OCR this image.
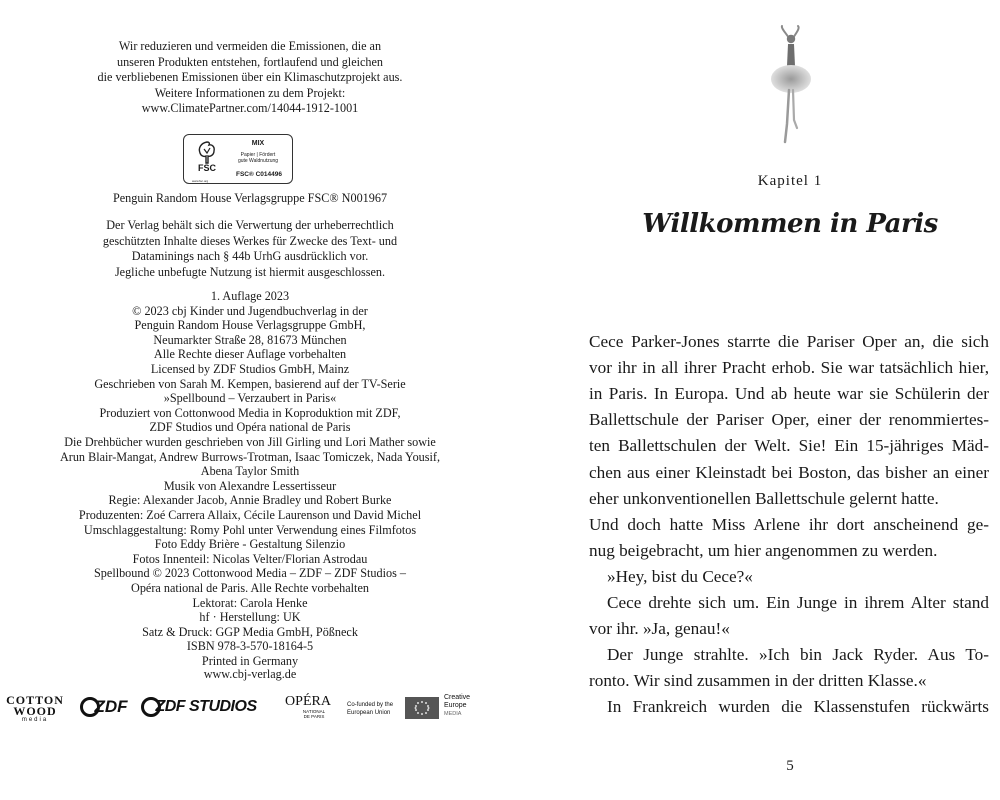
Wir reduzieren und vermeiden die Emissionen, die an
unseren Produkten entstehen, fortlaufend und gleichen
die verbliebenen Emissionen über ein Klimaschutzprojekt aus.
Weitere Informationen zu dem Projekt:
www.ClimatePartner.com/14044-1912-1001
FSC
www.fsc.org
MIX
Papier | Fördert
gute Waldnutzung
FSC® C014496
Penguin Random House Verlagsgruppe FSC® N001967
Der Verlag behält sich die Verwertung der urheberrechtlich
geschützten Inhalte dieses Werkes für Zwecke des Text- und
Dataminings nach § 44b UrhG ausdrücklich vor.
Jegliche unbefugte Nutzung ist hiermit ausgeschlossen.
1. Auflage 2023
© 2023 cbj Kinder und Jugendbuchverlag in der
Penguin Random House Verlagsgruppe GmbH,
Neumarkter Straße 28, 81673 München
Alle Rechte dieser Auflage vorbehalten
Licensed by ZDF Studios GmbH, Mainz
Geschrieben von Sarah M. Kempen, basierend auf der TV-Serie
»Spellbound – Verzaubert in Paris«
Produziert von Cottonwood Media in Koproduktion mit ZDF,
ZDF Studios und Opéra national de Paris
Die Drehbücher wurden geschrieben von Jill Girling und Lori Mather sowie
Arun Blair-Mangat, Andrew Burrows-Trotman, Isaac Tomiczek, Nada Yousif,
Abena Taylor Smith
Musik von Alexandre Lessertisseur
Regie: Alexander Jacob, Annie Bradley und Robert Burke
Produzenten: Zoé Carrera Allaix, Cécile Laurenson und David Michel
Umschlaggestaltung: Romy Pohl unter Verwendung eines Filmfotos
Foto Eddy Brière - Gestaltung Silenzio
Fotos Innenteil: Nicolas Velter/Florian Astrodau
Spellbound © 2023 Cottonwood Media – ZDF – ZDF Studios –
Opéra national de Paris. Alle Rechte vorbehalten
Lektorat: Carola Henke
hf · Herstellung: UK
Satz & Druck: GGP Media GmbH, Pößneck
ISBN 978-3-570-18164-5
Printed in Germany
www.cbj-verlag.de
COTTON
WOOD
media
ZDF	ZDF STUDIOS	OPÉRA
NATIONAL
DE PARIS
Co-funded by the
European Union
Creative
Europe
MEDIA
Kapitel 1
Willkommen in Paris
Cece Parker-Jones starrte die Pariser Oper an, die sich
vor ihr in all ihrer Pracht erhob. Sie war tatsächlich hier,
in Paris. In Europa. Und ab heute war sie Schülerin der
Ballettschule der Pariser Oper, einer der renommiertes-
ten Ballettschulen der Welt. Sie! Ein 15-jähriges Mäd-
chen aus einer Kleinstadt bei Boston, das bisher an einer
eher unkonventionellen Ballettschule gelernt hatte.
Und doch hatte Miss Arlene ihr dort anscheinend ge-
nug beigebracht, um hier angenommen zu werden.
»Hey, bist du Cece?«
Cece drehte sich um. Ein Junge in ihrem Alter stand
vor ihr. »Ja, genau!«
Der Junge strahlte. »Ich bin Jack Ryder. Aus To-
ronto. Wir sind zusammen in der dritten Klasse.«
In Frankreich wurden die Klassenstufen rückwärts
5
